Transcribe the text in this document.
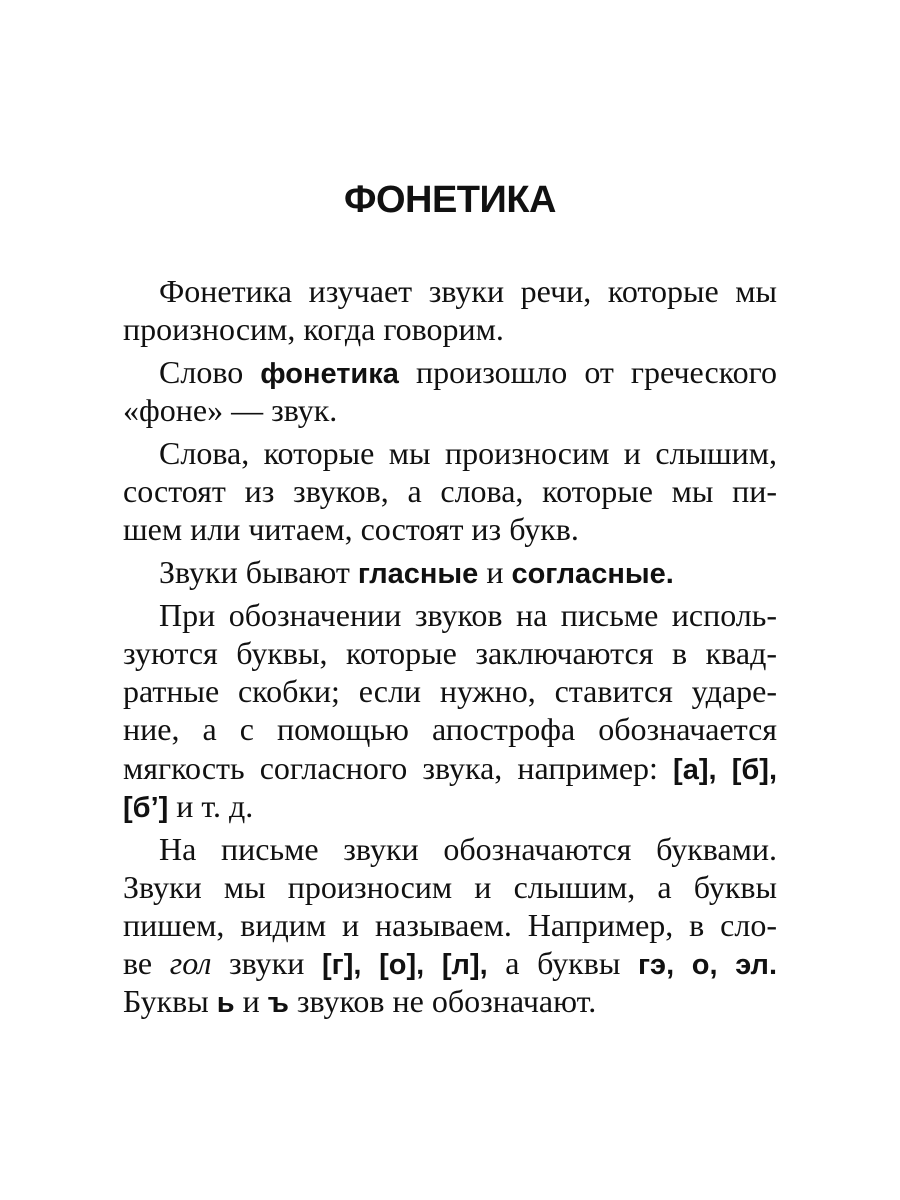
ФОНЕТИКА
Фонетика изучает звуки речи, которые мы
произносим, когда говорим.
Слово фонетика произошло от греческого
«фоне» — звук.
Слова, которые мы произносим и слышим,
состоят из звуков, а слова, которые мы пи-
шем или читаем, состоят из букв.
Звуки бывают гласные и согласные.
При обозначении звуков на письме исполь-
зуются буквы, которые заключаются в квад-
ратные скобки; если нужно, ставится ударе-
ние, а с помощью апострофа обозначается
мягкость согласного звука, например: [а], [б],
[б’] и т. д.
На письме звуки обозначаются буквами.
Звуки мы произносим и слышим, а буквы
пишем, видим и называем. Например, в сло-
ве гол звуки [г], [о], [л], а буквы гэ, о, эл.
Буквы ь и ъ звуков не обозначают.
